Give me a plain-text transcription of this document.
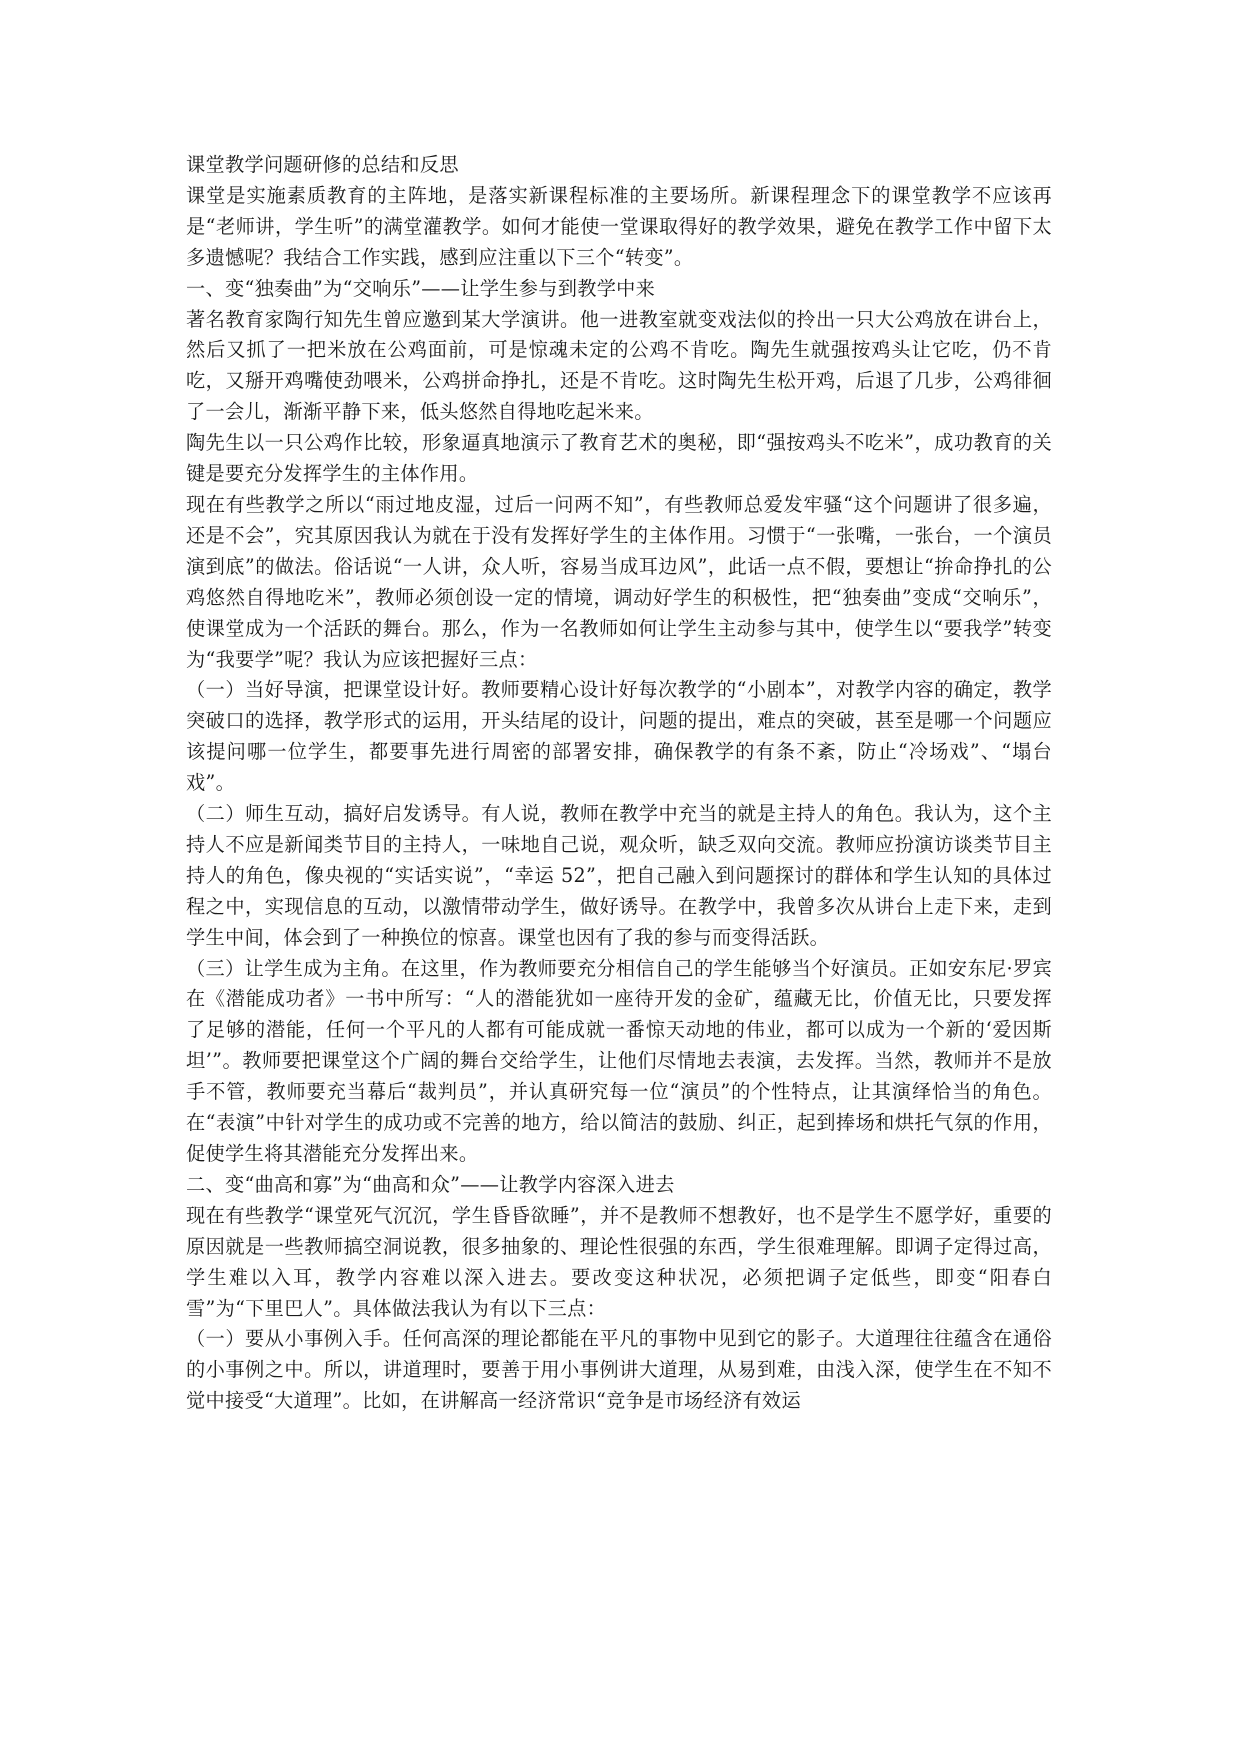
课堂教学问题研修的总结和反思

课堂是实施素质教育的主阵地，是落实新课程标准的主要场所。新课程理念下的课堂教学不应该再是“老师讲，学生听”的满堂灌教学。如何才能使一堂课取得好的教学效果，避免在教学工作中留下太多遗憾呢？我结合工作实践，感到应注重以下三个“转变”。

一、变“独奏曲”为“交响乐”——让学生参与到教学中来

著名教育家陶行知先生曾应邀到某大学演讲。他一进教室就变戏法似的拎出一只大公鸡放在讲台上，然后又抓了一把米放在公鸡面前，可是惊魂未定的公鸡不肯吃。陶先生就强按鸡头让它吃，仍不肯吃，又掰开鸡嘴使劲喂米，公鸡拼命挣扎，还是不肯吃。这时陶先生松开鸡，后退了几步，公鸡徘徊了一会儿，渐渐平静下来，低头悠然自得地吃起米来。

陶先生以一只公鸡作比较，形象逼真地演示了教育艺术的奥秘，即“强按鸡头不吃米”，成功教育的关键是要充分发挥学生的主体作用。

现在有些教学之所以“雨过地皮湿，过后一问两不知”，有些教师总爱发牢骚“这个问题讲了很多遍，还是不会”，究其原因我认为就在于没有发挥好学生的主体作用。习惯于“一张嘴，一张台，一个演员演到底”的做法。俗话说“一人讲，众人听，容易当成耳边风”，此话一点不假，要想让“拚命挣扎的公鸡悠然自得地吃米”，教师必须创设一定的情境，调动好学生的积极性，把“独奏曲”变成“交响乐”，使课堂成为一个活跃的舞台。那么，作为一名教师如何让学生主动参与其中，使学生以“要我学”转变为“我要学”呢？我认为应该把握好三点：

（一）当好导演，把课堂设计好。教师要精心设计好每次教学的“小剧本”，对教学内容的确定，教学突破口的选择，教学形式的运用，开头结尾的设计，问题的提出，难点的突破，甚至是哪一个问题应该提问哪一位学生，都要事先进行周密的部署安排，确保教学的有条不紊，防止“冷场戏”、“塌台戏”。

（二）师生互动，搞好启发诱导。有人说，教师在教学中充当的就是主持人的角色。我认为，这个主持人不应是新闻类节目的主持人，一味地自己说，观众听，缺乏双向交流。教师应扮演访谈类节目主持人的角色，像央视的“实话实说”，“幸运 52”，把自己融入到问题探讨的群体和学生认知的具体过程之中，实现信息的互动，以激情带动学生，做好诱导。在教学中，我曾多次从讲台上走下来，走到学生中间，体会到了一种换位的惊喜。课堂也因有了我的参与而变得活跃。

（三）让学生成为主角。在这里，作为教师要充分相信自己的学生能够当个好演员。正如安东尼·罗宾在《潜能成功者》一书中所写：“人的潜能犹如一座待开发的金矿，蕴藏无比，价值无比，只要发挥了足够的潜能，任何一个平凡的人都有可能成就一番惊天动地的伟业，都可以成为一个新的‘爱因斯坦’”。教师要把课堂这个广阔的舞台交给学生，让他们尽情地去表演，去发挥。当然，教师并不是放手不管，教师要充当幕后“裁判员”，并认真研究每一位“演员”的个性特点，让其演绎恰当的角色。在“表演”中针对学生的成功或不完善的地方，给以简洁的鼓励、纠正，起到捧场和烘托气氛的作用，促使学生将其潜能充分发挥出来。

二、变“曲高和寡”为“曲高和众”——让教学内容深入进去

现在有些教学“课堂死气沉沉，学生昏昏欲睡”，并不是教师不想教好，也不是学生不愿学好，重要的原因就是一些教师搞空洞说教，很多抽象的、理论性很强的东西，学生很难理解。即调子定得过高，学生难以入耳，教学内容难以深入进去。要改变这种状况，必须把调子定低些，即变“阳春白雪”为“下里巴人”。具体做法我认为有以下三点：

（一）要从小事例入手。任何高深的理论都能在平凡的事物中见到它的影子。大道理往往蕴含在通俗的小事例之中。所以，讲道理时，要善于用小事例讲大道理，从易到难，由浅入深，使学生在不知不觉中接受“大道理”。比如，在讲解高一经济常识“竞争是市场经济有效运
